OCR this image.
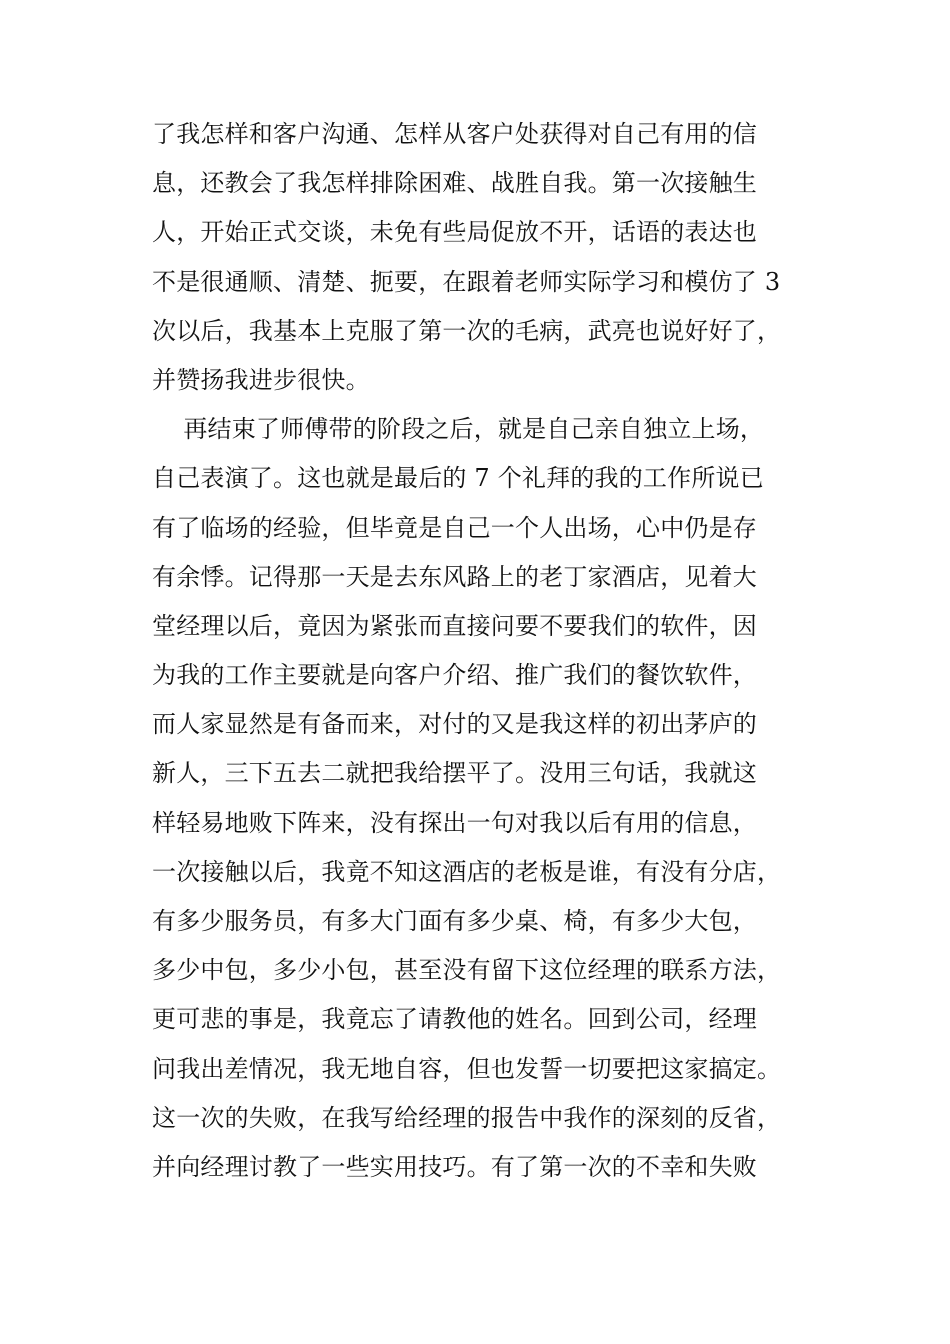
了我怎样和客户沟通、怎样从客户处获得对自己有用的信
息，还教会了我怎样排除困难、战胜自我。第一次接触生
人，开始正式交谈，未免有些局促放不开，话语的表达也
不是很通顺、清楚、扼要，在跟着老师实际学习和模仿了 3
次以后，我基本上克服了第一次的毛病，武亮也说好好了，
并赞扬我进步很快。
再结束了师傅带的阶段之后，就是自己亲自独立上场，
自己表演了。这也就是最后的 7 个礼拜的我的工作所说已
有了临场的经验，但毕竟是自己一个人出场，心中仍是存
有余悸。记得那一天是去东风路上的老丁家酒店，见着大
堂经理以后，竟因为紧张而直接问要不要我们的软件，因
为我的工作主要就是向客户介绍、推广我们的餐饮软件，
而人家显然是有备而来，对付的又是我这样的初出茅庐的
新人，三下五去二就把我给摆平了。没用三句话，我就这
样轻易地败下阵来，没有探出一句对我以后有用的信息，
一次接触以后，我竟不知这酒店的老板是谁，有没有分店，
有多少服务员，有多大门面有多少桌、椅，有多少大包，
多少中包，多少小包，甚至没有留下这位经理的联系方法，
更可悲的事是，我竟忘了请教他的姓名。回到公司，经理
问我出差情况，我无地自容，但也发誓一切要把这家搞定。
这一次的失败，在我写给经理的报告中我作的深刻的反省，
并向经理讨教了一些实用技巧。有了第一次的不幸和失败
